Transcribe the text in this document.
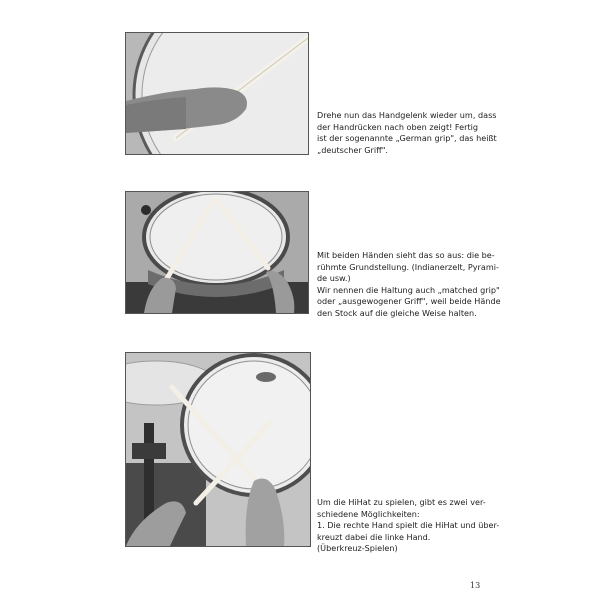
Drehe nun das Handgelenk wieder um, dass

der Handrücken nach oben zeigt! Fertig

ist der sogenannte „German grip", das heißt

„deutscher Griff".

Mit beiden Händen sieht das so aus: die be-

rühmte Grundstellung. (Indianerzelt, Pyrami-

de usw.)

Wir nennen die Haltung auch „matched grip"

oder „ausgewogener Griff", weil beide Hände

den Stock auf die gleiche Weise halten.

Um die HiHat zu spielen, gibt es zwei ver-

schiedene Möglichkeiten:

1. Die rechte Hand spielt die HiHat und über-

kreuzt dabei die linke Hand.

(Überkreuz-Spielen)

13
